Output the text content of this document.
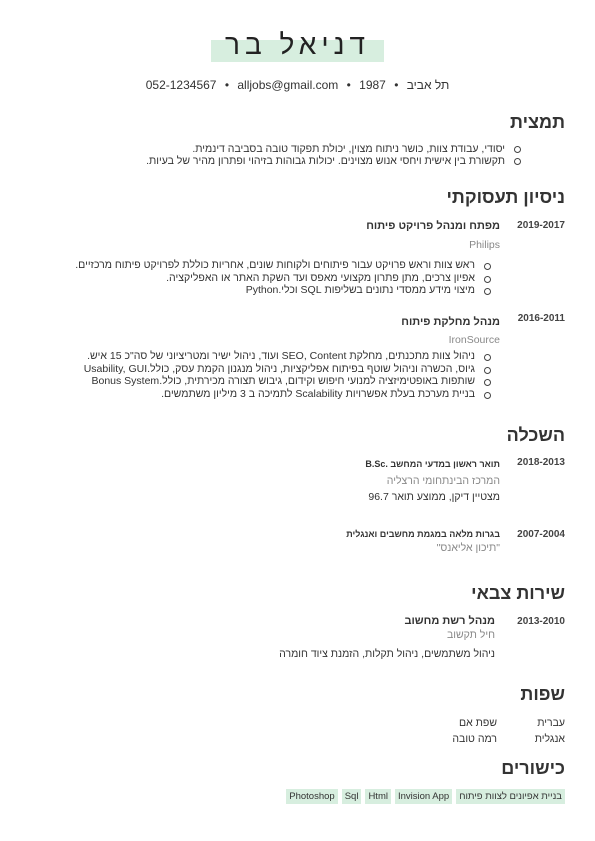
דניאל בר
052-1234567 • alljobs@gmail.com •	תל אביב • 1987
תמצית
יסודי, עבודת צוות, כושר ניתוח מצוין, יכולת תפקוד טובה בסביבה דינמית.
תקשורת בין אישית ויחסי אנוש מצוינים. יכולות גבוהות בזיהוי ופתרון מהיר של בעיות.
ניסיון תעסוקתי
2019-2017
מפתח ומנהל פרויקט פיתוח
Philips
ראש צוות וראש פרויקט עבור פיתוחים ולקוחות שונים, אחריות כוללת לפרויקט פיתוח מרכזיים.
אפיון צרכים, מתן פתרון מקצועי מאפס ועד השקת האתר או האפליקציה.
מיצוי מידע ממסדי נתונים בשליפות SQL וכלי.Python
2016-2011
מנהל מחלקת פיתוח
IronSource
ניהול צוות מתכנתים, מחלקת SEO, Content ועוד, ניהול ישיר ומטריציוני של סה"כ 15 איש.
גיוס, הכשרה וניהול שוטף בפיתוח אפליקציות, ניהול מנגנון הקמת עסק, כולל.Usability, GUI
שותפות באופטימיזציה למנועי חיפוש וקידום, גיבוש תצורה מכירתית, כולל.Bonus System
בניית מערכת בעלת אפשרויות Scalability לתמיכה ב 3 מיליון משתמשים.
השכלה
2018-2013
תואר ראשון במדעי המחשב .B.Sc
המרכז הבינתחומי הרצליה
מצטיין דיקן, ממוצע תואר 96.7
2007-2004
בגרות מלאה במגמת מחשבים ואנגלית
"תיכון אליאנס"
שירות צבאי
2013-2010
מנהל רשת מחשוב
חיל תקשוב
ניהול משתמשים, ניהול תקלות, הזמנת ציוד חומרה
שפות
עברית
שפת אם
אנגלית
רמה טובה
כישורים
בניית אפיונים לצוות פיתוח
Invision App
Html
Sql
Photoshop
